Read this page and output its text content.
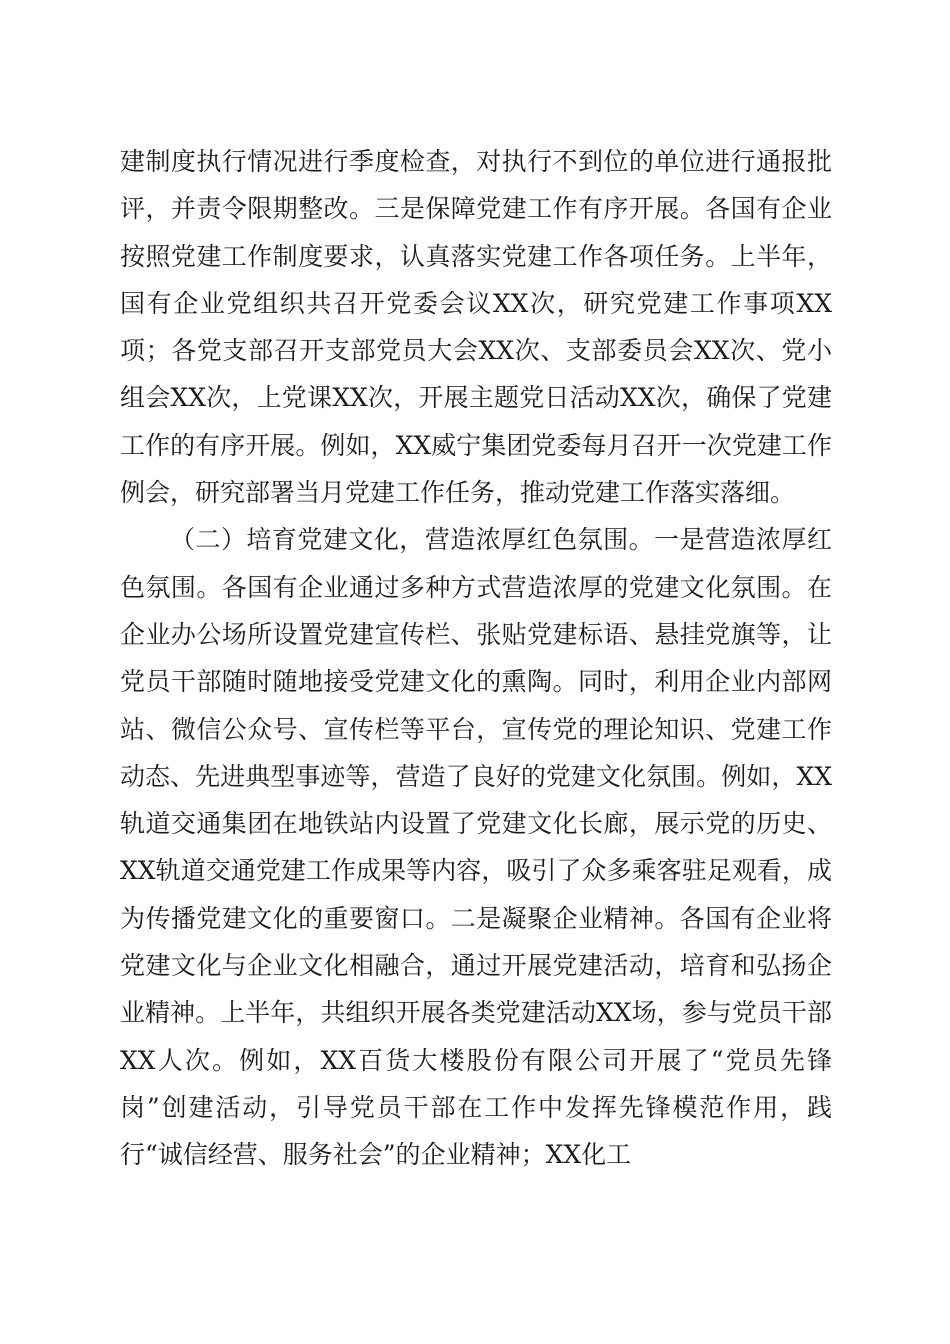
建制度执行情况进行季度检查，对执行不到位的单位进行通报批评，并责令限期整改。三是保障党建工作有序开展。各国有企业按照党建工作制度要求，认真落实党建工作各项任务。上半年，国有企业党组织共召开党委会议XX次，研究党建工作事项XX项；各党支部召开支部党员大会XX次、支部委员会XX次、党小组会XX次，上党课XX次，开展主题党日活动XX次，确保了党建工作的有序开展。例如，XX威宁集团党委每月召开一次党建工作例会，研究部署当月党建工作任务，推动党建工作落实落细。

（二）培育党建文化，营造浓厚红色氛围。一是营造浓厚红色氛围。各国有企业通过多种方式营造浓厚的党建文化氛围。在企业办公场所设置党建宣传栏、张贴党建标语、悬挂党旗等，让党员干部随时随地接受党建文化的熏陶。同时，利用企业内部网站、微信公众号、宣传栏等平台，宣传党的理论知识、党建工作动态、先进典型事迹等，营造了良好的党建文化氛围。例如，XX轨道交通集团在地铁站内设置了党建文化长廊，展示党的历史、XX轨道交通党建工作成果等内容，吸引了众多乘客驻足观看，成为传播党建文化的重要窗口。二是凝聚企业精神。各国有企业将党建文化与企业文化相融合，通过开展党建活动，培育和弘扬企业精神。上半年，共组织开展各类党建活动XX场，参与党员干部XX人次。例如，XX百货大楼股份有限公司开展了“党员先锋岗”创建活动，引导党员干部在工作中发挥先锋模范作用，践行“诚信经营、服务社会”的企业精神；XX化工
